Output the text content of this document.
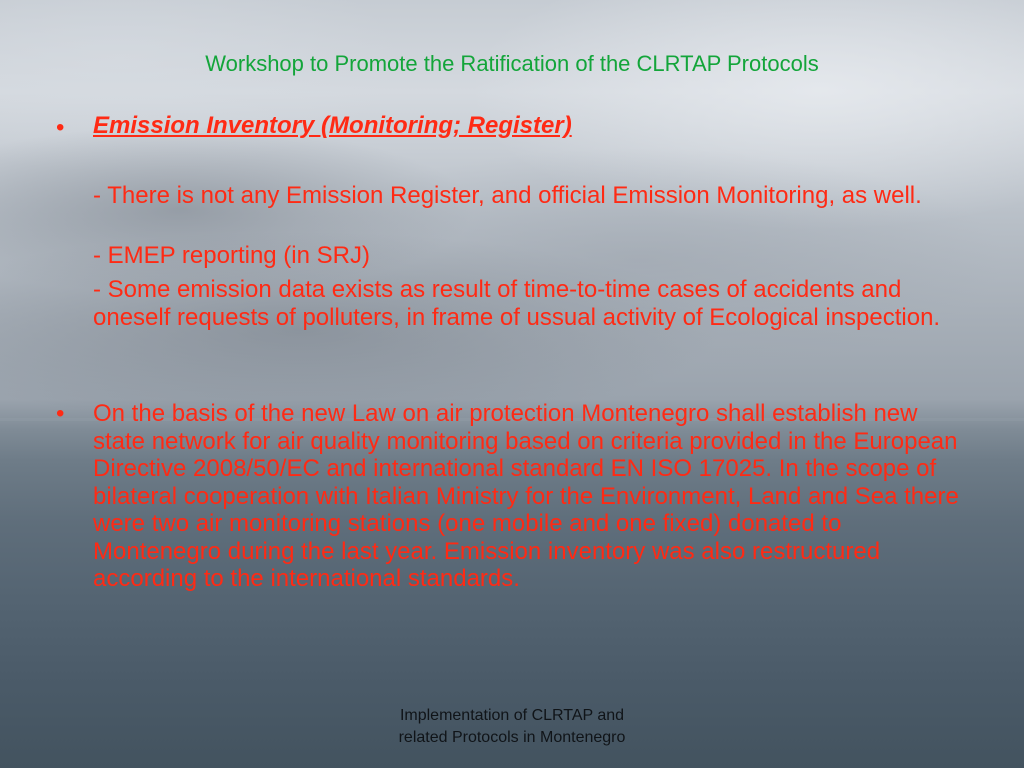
Workshop to Promote the Ratification of the CLRTAP Protocols
• Emission Inventory (Monitoring; Register)

- There is not any Emission Register, and official Emission Monitoring, as well.

- EMEP reporting (in SRJ)

- Some emission data exists as result of time-to-time cases of accidents and oneself requests of polluters, in frame of ussual activity of Ecological inspection.

• On the basis of the new Law on air protection Montenegro shall establish new state network for air quality monitoring based on criteria provided in the European Directive 2008/50/EC and international standard EN ISO 17025. In the scope of bilateral cooperation with Italian Ministry for the Environment, Land and Sea there were two air monitoring stations (one mobile and one fixed) donated to Montenegro during the last year. Emission inventory was also restructured according to the international standards.

Implementation of CLRTAP and
related Protocols in Montenegro
